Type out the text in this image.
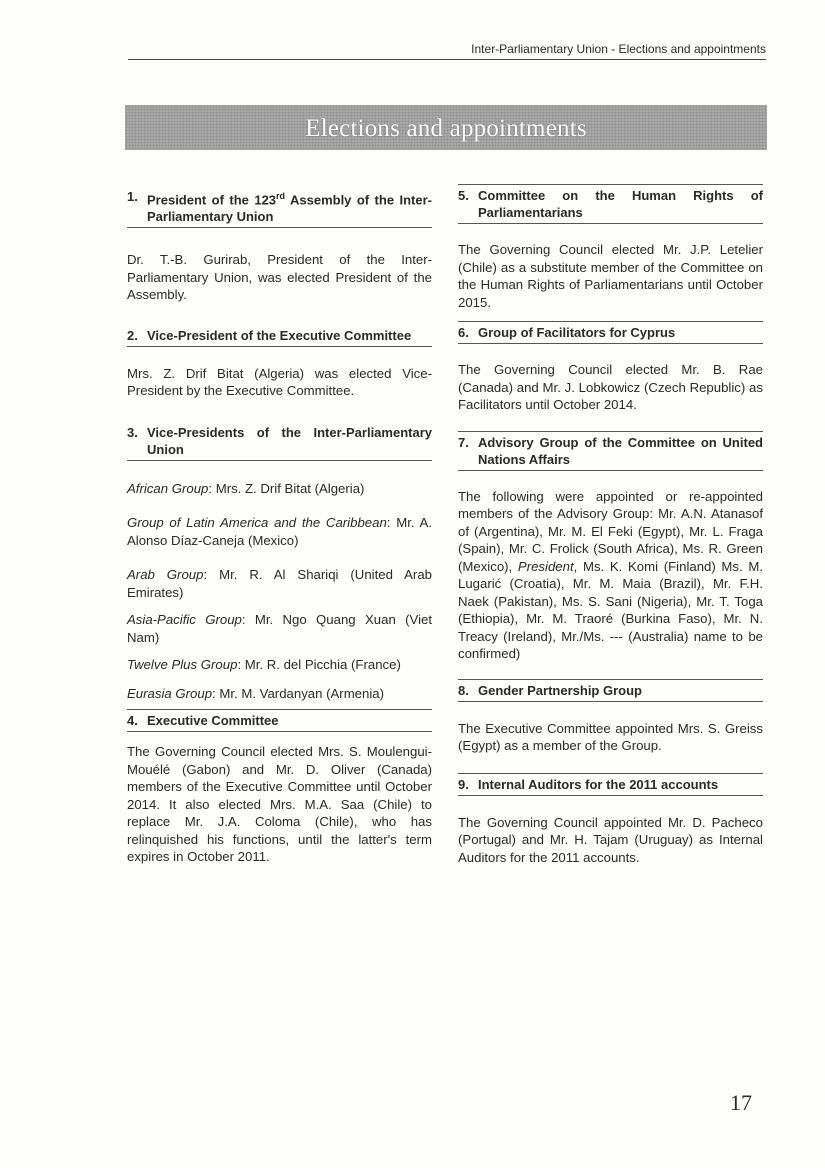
Inter-Parliamentary Union - Elections and appointments
Elections and appointments
1. President of the 123rd Assembly of the Inter-Parliamentary Union

Dr. T.-B. Gurirab, President of the Inter-Parliamentary Union, was elected President of the Assembly.

2. Vice-President of the Executive Committee

Mrs. Z. Drif Bitat (Algeria) was elected Vice-President by the Executive Committee.

3. Vice-Presidents of the Inter-Parliamentary Union

African Group: Mrs. Z. Drif Bitat (Algeria)

Group of Latin America and the Caribbean: Mr. A. Alonso Díaz-Caneja (Mexico)

Arab Group: Mr. R. Al Shariqi (United Arab Emirates)

Asia-Pacific Group: Mr. Ngo Quang Xuan (Viet Nam)

Twelve Plus Group: Mr. R. del Picchia (France)

Eurasia Group: Mr. M. Vardanyan (Armenia)

4. Executive Committee

The Governing Council elected Mrs. S. Moulengui-Mouélé (Gabon) and Mr. D. Oliver (Canada) members of the Executive Committee until October 2014. It also elected Mrs. M.A. Saa (Chile) to replace Mr. J.A. Coloma (Chile), who has relinquished his functions, until the latter's term expires in October 2011.

5. Committee on the Human Rights of Parliamentarians

The Governing Council elected Mr. J.P. Letelier (Chile) as a substitute member of the Committee on the Human Rights of Parliamentarians until October 2015.

6. Group of Facilitators for Cyprus

The Governing Council elected Mr. B. Rae (Canada) and Mr. J. Lobkowicz (Czech Republic) as Facilitators until October 2014.

7. Advisory Group of the Committee on United Nations Affairs

The following were appointed or re-appointed members of the Advisory Group: Mr. A.N. Atanasof of (Argentina), Mr. M. El Feki (Egypt), Mr. L. Fraga (Spain), Mr. C. Frolick (South Africa), Ms. R. Green (Mexico), President, Ms. K. Komi (Finland) Ms. M. Lugarić (Croatia), Mr. M. Maia (Brazil), Mr. F.H. Naek (Pakistan), Ms. S. Sani (Nigeria), Mr. T. Toga (Ethiopia), Mr. M. Traoré (Burkina Faso), Mr. N. Treacy (Ireland), Mr./Ms. --- (Australia) name to be confirmed)

8. Gender Partnership Group

The Executive Committee appointed Mrs. S. Greiss (Egypt) as a member of the Group.

9. Internal Auditors for the 2011 accounts

The Governing Council appointed Mr. D. Pacheco (Portugal) and Mr. H. Tajam (Uruguay) as Internal Auditors for the 2011 accounts.

17
